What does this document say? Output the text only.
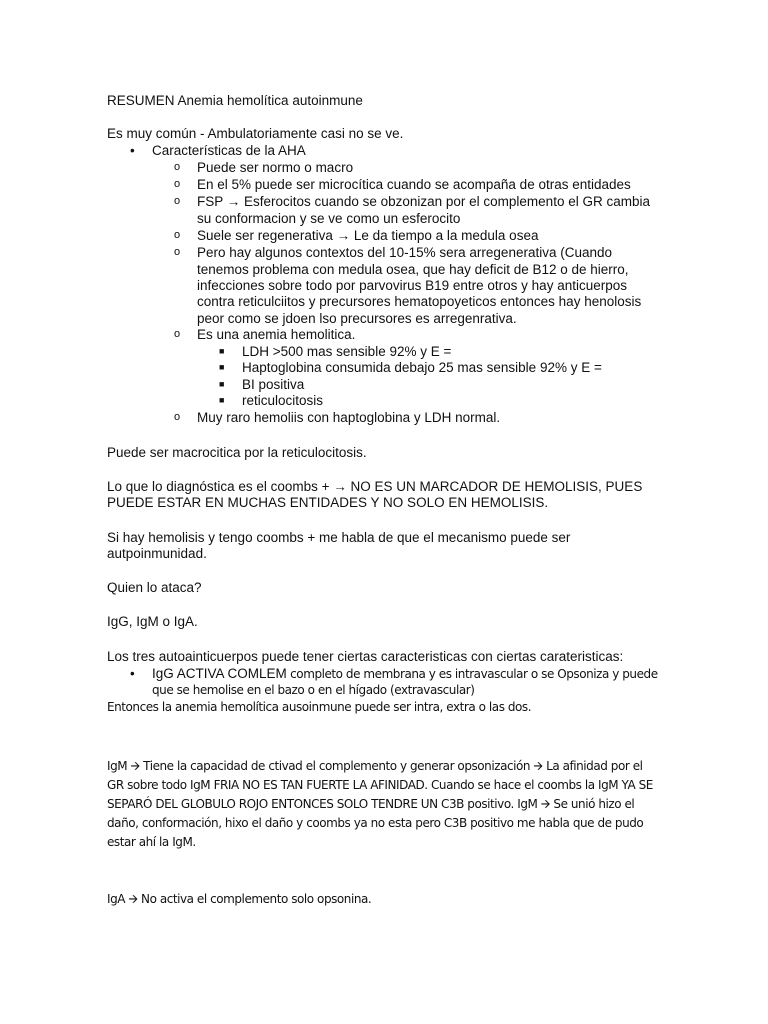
RESUMEN Anemia hemolítica autoinmune
Es muy común - Ambulatoriamente casi no se ve.
• Características de la AHA
o Puede ser normo o macro
o En el 5% puede ser microcítica cuando se acompaña de otras entidades
o FSP → Esferocitos cuando se obzonizan por el complemento el GR cambia
su conformacion y se ve como un esferocito
o Suele ser regenerativa → Le da tiempo a la medula osea
o Pero hay algunos contextos del 10-15% sera arregenerativa (Cuando
tenemos problema con medula osea, que hay deficit de B12 o de hierro,
infecciones sobre todo por parvovirus B19 entre otros y hay anticuerpos
contra reticulciitos y precursores hematopoyeticos entonces hay henolosis
peor como se jdoen lso precursores es arregenrativa.
o Es una anemia hemolitica.
■ LDH >500 mas sensible 92% y E =
■ Haptoglobina consumida debajo 25 mas sensible 92% y E =
■ BI positiva
■ reticulocitosis
o Muy raro hemoliis con haptoglobina y LDH normal.
Puede ser macrocitica por la reticulocitosis.
Lo que lo diagnóstica es el coombs + → NO ES UN MARCADOR DE HEMOLISIS, PUES
PUEDE ESTAR EN MUCHAS ENTIDADES Y NO SOLO EN HEMOLISIS.
Si hay hemolisis y tengo coombs + me habla de que el mecanismo puede ser
autpoinmunidad.
Quien lo ataca?
IgG, IgM o IgA.
Los tres autoainticuerpos puede tener ciertas caracteristicas con ciertas carateristicas:
• IgG ACTIVA COMLEM completo de membrana y es intravascular o se Opsoniza y puede
que se hemolise en el bazo o en el hígado (extravascular)
Entonces la anemia hemolítica ausoinmune puede ser intra, extra o las dos.
IgM 🡪 Tiene la capacidad de ctivad el complemento y generar opsonización 🡪 La afinidad por el
GR sobre todo IgM FRIA NO ES TAN FUERTE LA AFINIDAD. Cuando se hace el coombs la IgM YA SE
SEPARÓ DEL GLOBULO ROJO ENTONCES SOLO TENDRE UN C3B positivo. IgM 🡪 Se unió hizo el
daño, conformación, hixo el daño y coombs ya no esta pero C3B positivo me habla que de pudo
estar ahí la IgM.
IgA 🡪 No activa el complemento solo opsonina.
